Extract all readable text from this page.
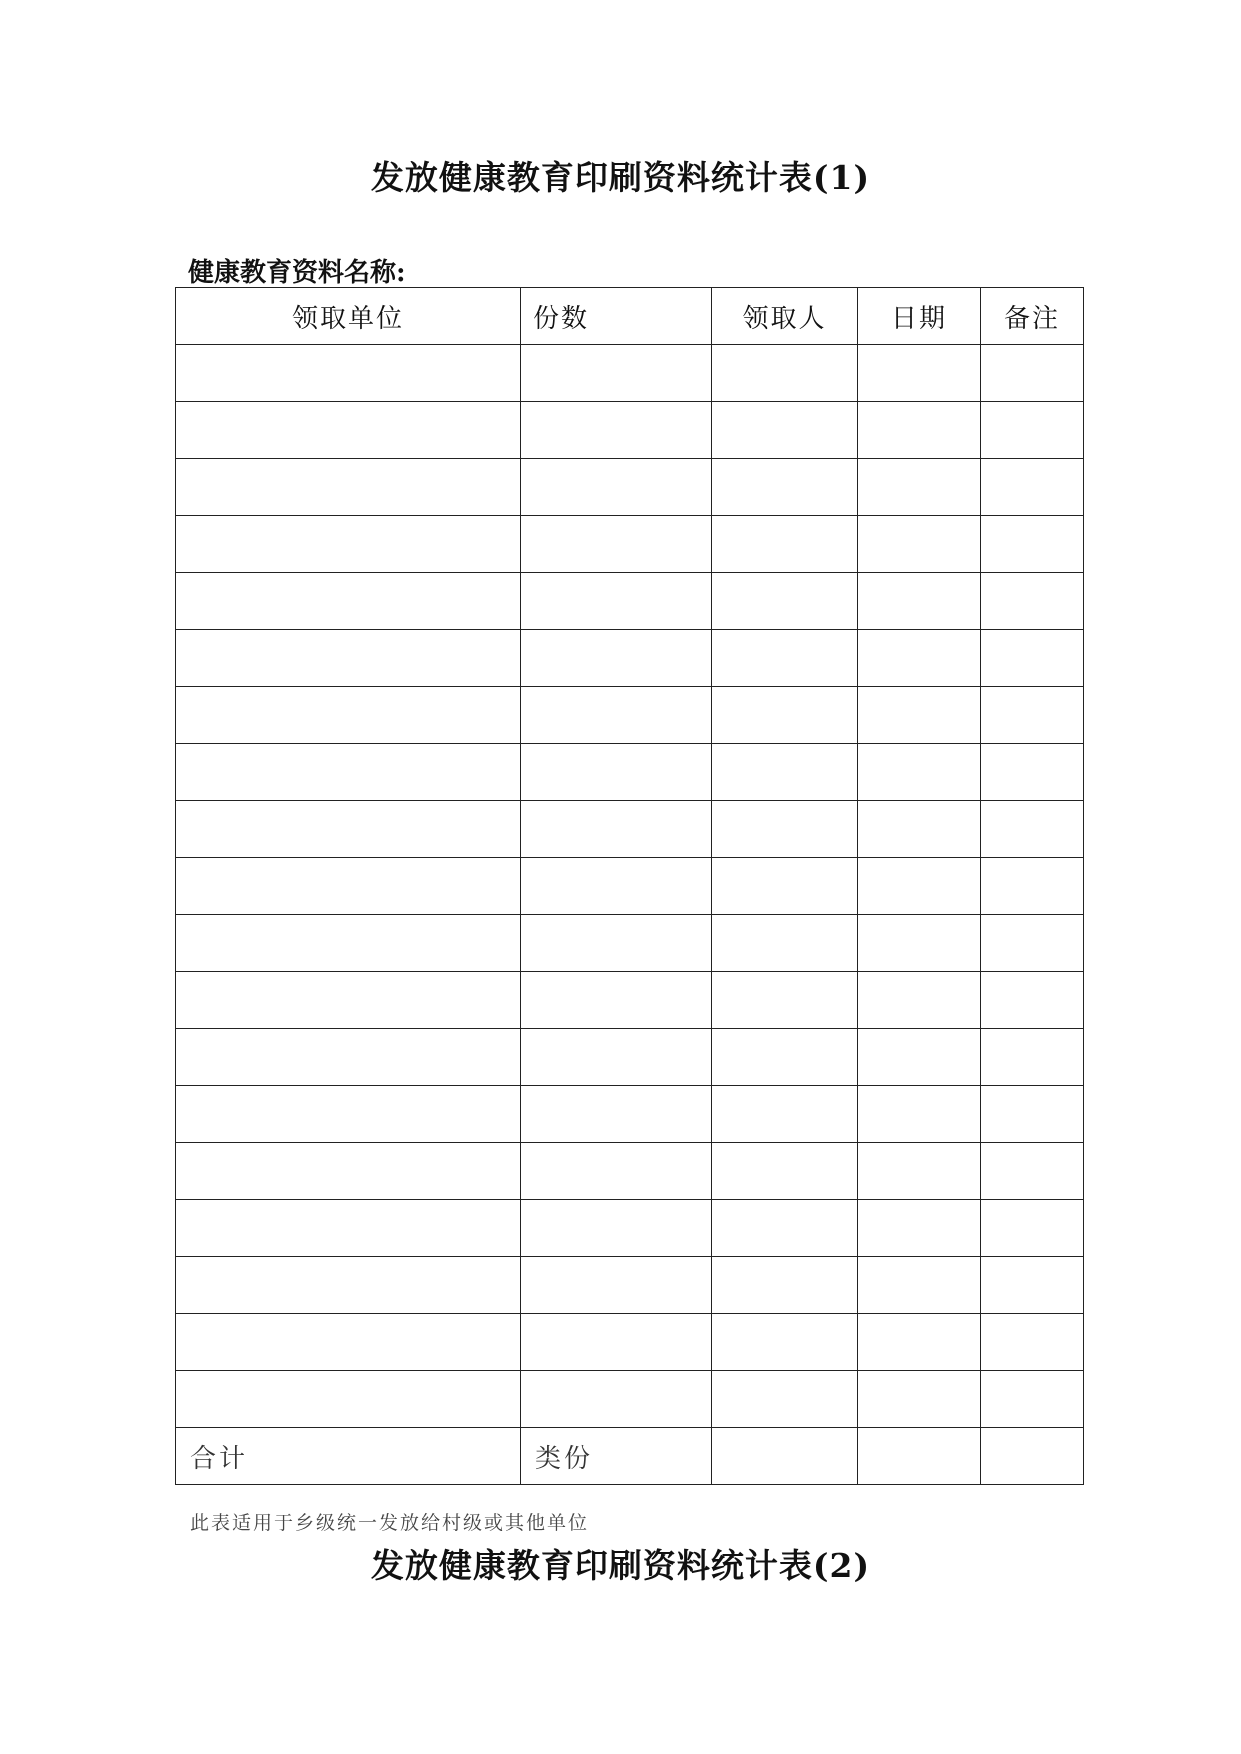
发放健康教育印刷资料统计表(1)

健康教育资料名称:

领取单位	份数	领取人	日期	备注

合计	类份			

此表适用于乡级统一发放给村级或其他单位

发放健康教育印刷资料统计表(2)
